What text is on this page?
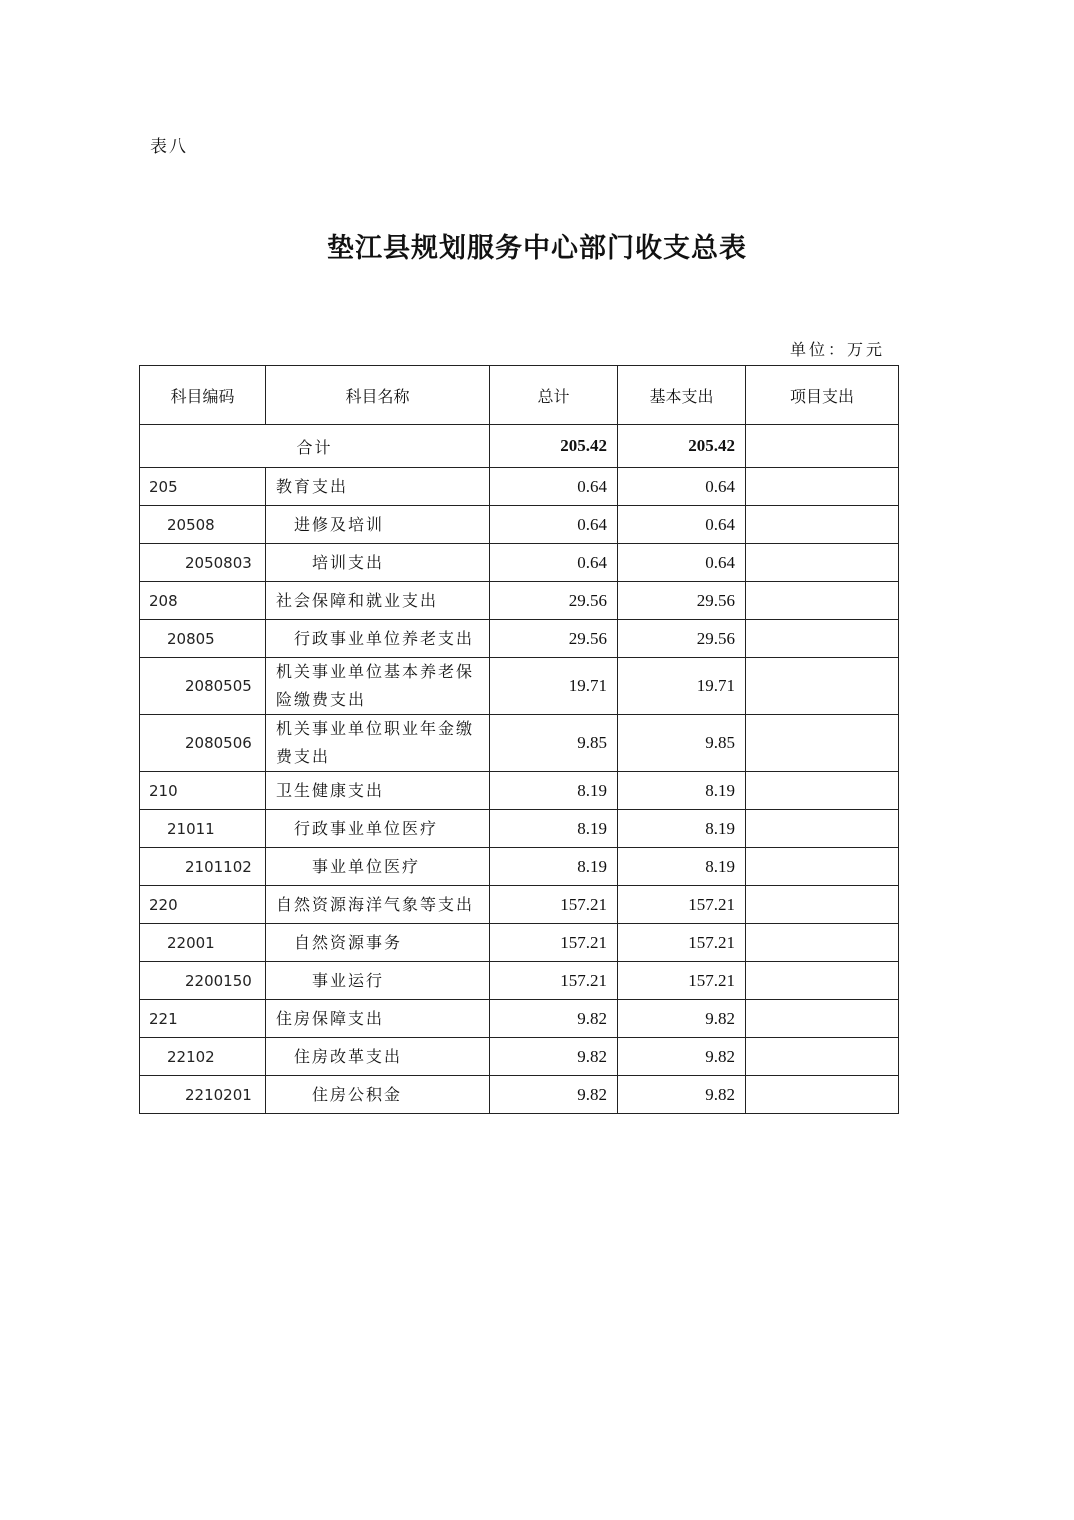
表八
垫江县规划服务中心部门收支总表
单位：万元
科目编码	科目名称	总计	基本支出	项目支出
合计		205.42	205.42	
205	教育支出	0.64	0.64	
20508	进修及培训	0.64	0.64	
2050803	培训支出	0.64	0.64	
208	社会保障和就业支出	29.56	29.56	
20805	行政事业单位养老支出	29.56	29.56	
2080505	机关事业单位基本养老保险缴费支出	19.71	19.71	
2080506	机关事业单位职业年金缴费支出	9.85	9.85	
210	卫生健康支出	8.19	8.19	
21011	行政事业单位医疗	8.19	8.19	
2101102	事业单位医疗	8.19	8.19	
220	自然资源海洋气象等支出	157.21	157.21	
22001	自然资源事务	157.21	157.21	
2200150	事业运行	157.21	157.21	
221	住房保障支出	9.82	9.82	
22102	住房改革支出	9.82	9.82	
2210201	住房公积金	9.82	9.82	
